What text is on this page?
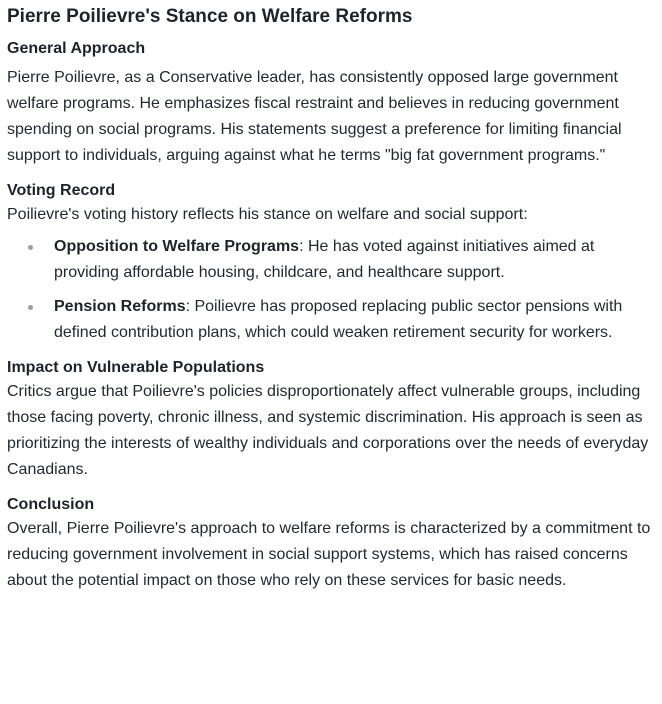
Pierre Poilievre's Stance on Welfare Reforms
General Approach

Pierre Poilievre, as a Conservative leader, has consistently opposed large government welfare programs. He emphasizes fiscal restraint and believes in reducing government spending on social programs. His statements suggest a preference for limiting financial support to individuals, arguing against what he terms "big fat government programs."

Voting Record

Poilievre's voting history reflects his stance on welfare and social support:

Opposition to Welfare Programs: He has voted against initiatives aimed at providing affordable housing, childcare, and healthcare support.
Pension Reforms: Poilievre has proposed replacing public sector pensions with defined contribution plans, which could weaken retirement security for workers.
Impact on Vulnerable Populations

Critics argue that Poilievre's policies disproportionately affect vulnerable groups, including those facing poverty, chronic illness, and systemic discrimination. His approach is seen as prioritizing the interests of wealthy individuals and corporations over the needs of everyday Canadians.

Conclusion

Overall, Pierre Poilievre's approach to welfare reforms is characterized by a commitment to reducing government involvement in social support systems, which has raised concerns about the potential impact on those who rely on these services for basic needs.
